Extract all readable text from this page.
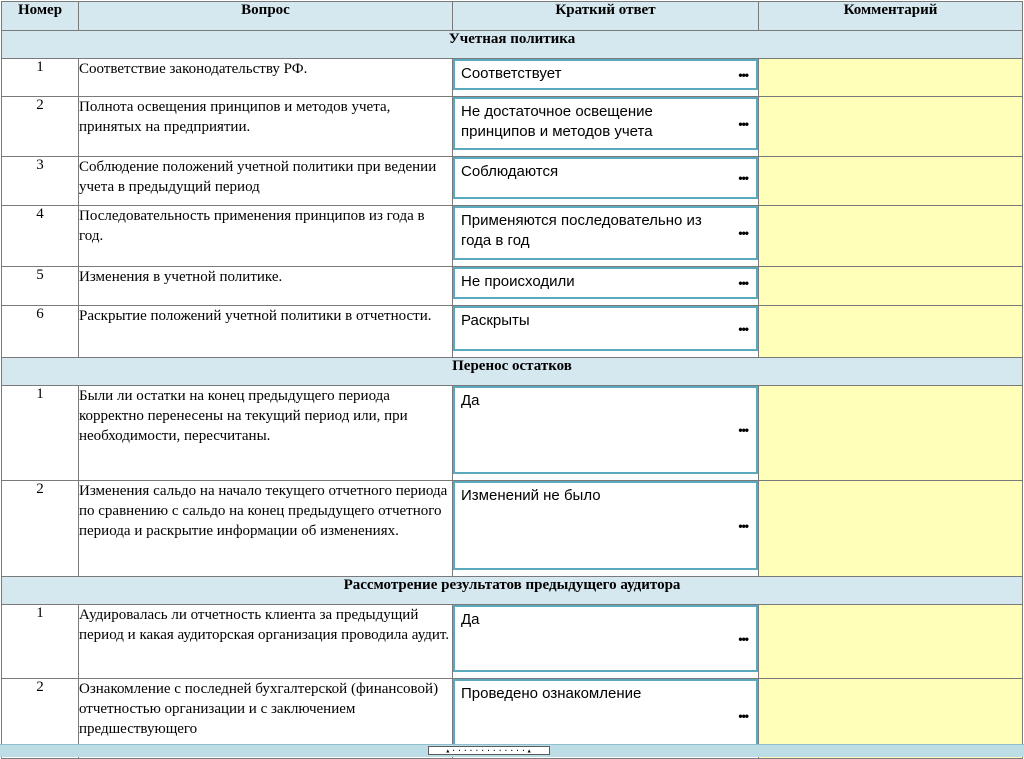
Номер	Вопрос	Краткий ответ	Комментарий
Учетная политика			
1	Соответствие законодательству РФ.	Соответствует •••	

2	Полнота освещения принципов и методов учета, принятых на предприятии.	Не достаточное освещение принципов и методов учета •••	

3	Соблюдение положений учетной политики при ведении учета в предыдущий период	Соблюдаются •••	

4	Последовательность применения принципов из года в год.	Применяются последовательно из года в год •••	

5	Изменения в учетной политике.	Не происходили •••	

6	Раскрытие положений учетной политики в отчетности.	Раскрыты •••	

Перенос остатков			
1	Были ли остатки на конец предыдущего периода корректно перенесены на текущий период или, при необходимости, пересчитаны.	Да
•••	

2	Изменения сальдо на начало текущего отчетного периода по сравнению с сальдо на конец предыдущего отчетного периода и раскрытие информации об изменениях.	Изменений не было
•••	

Рассмотрение результатов предыдущего аудитора			
1	Аудировалась ли отчетность клиента за предыдущий период и какая аудиторская организация проводила аудит.	Да
•••	

2	Ознакомление с последней бухгалтерской (финансовой) отчетностью организации и с заключением предшествующего	Проведено ознакомление
•••	

▴·············▴
